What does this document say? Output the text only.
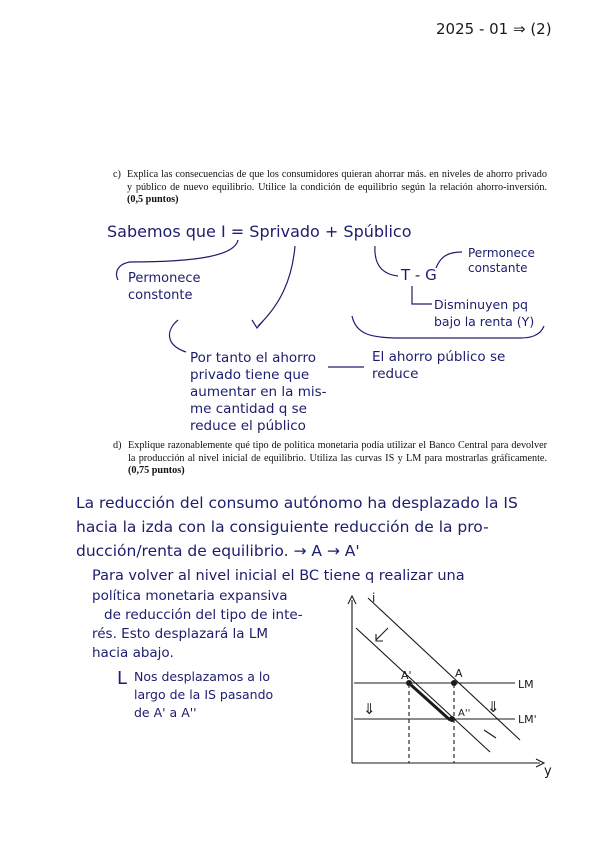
2025 - 01 ⇒ (2)
c) Explica las consecuencias de que los consumidores quieran ahorrar más. en niveles de ahorro privado y público de nuevo equilibrio. Utilice la condición de equilibrio según la relación ahorro-inversión. (0,5 puntos)
Sabemos que I = Sprivado + Spúblico
Permonece
constonte
T - G
Permonece
constante
Disminuyen pq
bajo la renta (Y)
Por tanto el ahorro
privado tiene que
aumentar en la mis-
me cantidad q se
reduce el público
El ahorro público se
reduce
d) Explique razonablemente qué tipo de política monetaria podía utilizar el Banco Central para devolver la producción al nivel inicial de equilibrio. Utiliza las curvas IS y LM para mostrarlas gráficamente. (0,75 puntos)
La reducción del consumo autónomo ha desplazado la IS
hacia la izda con la consiguiente reducción de la pro-
ducción/renta de equilibrio. → A → A'
Para volver al nivel inicial el BC tiene q realizar una
política monetaria expansiva
de reducción del tipo de inte-
rés. Esto desplazará la LM
hacia abajo.
L Nos desplazamos a lo
largo de la IS pasando
de A' a A''
i
y
LM
LM'
A
A'
A''
⇓	⇓
